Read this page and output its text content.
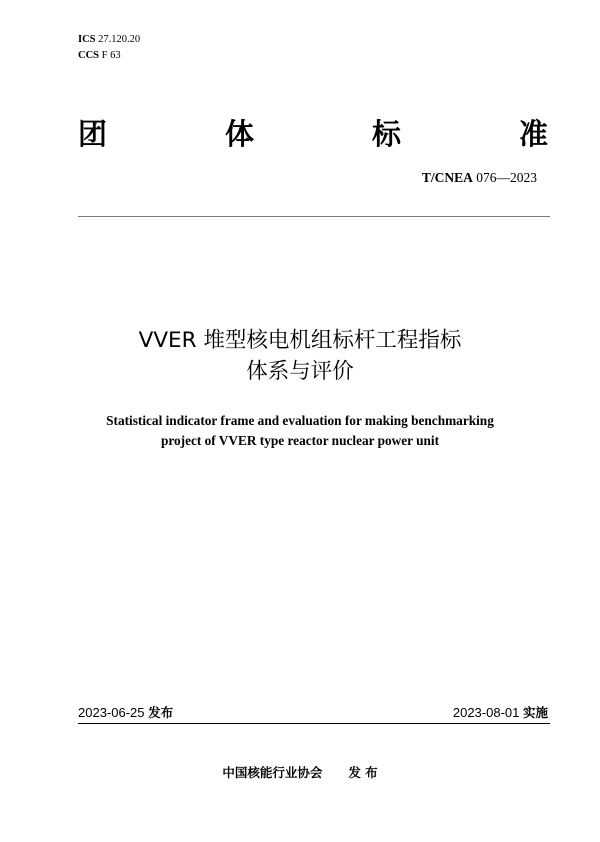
ICS 27.120.20
CCS F 63
团	体	标	准
T/CNEA 076—2023
VVER 堆型核电机组标杆工程指标
体系与评价
Statistical indicator frame and evaluation for making benchmarking
project of VVER type reactor nuclear power unit
2023-06-25 发布	2023-08-01 实施
中国核能行业协会 发 布
